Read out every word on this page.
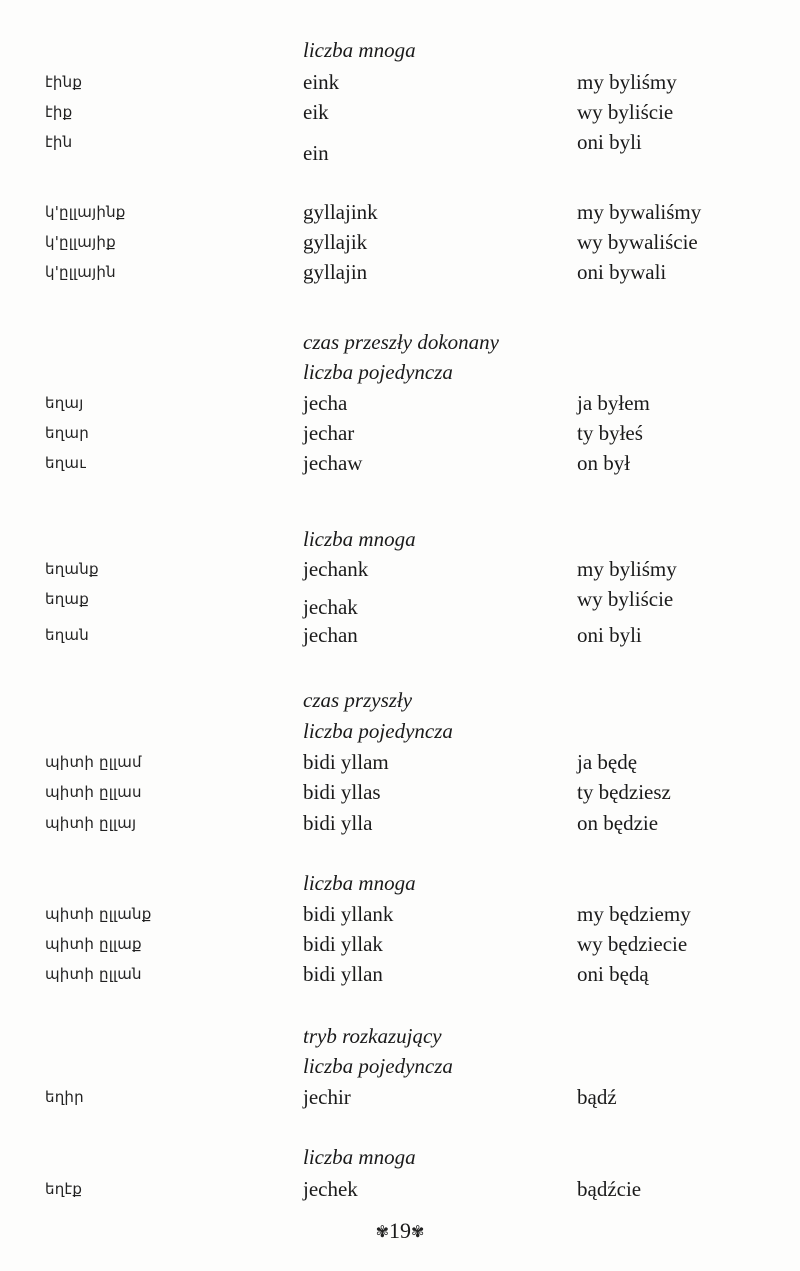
liczba mnoga
czas przeszły dokonany
liczba pojedyncza
liczba mnoga
czas przyszły
liczba pojedyncza
liczba mnoga
tryb rozkazujący
liczba pojedyncza
liczba mnoga
էինք	eink	my byliśmy
էիք	eik	wy byliście
էին	ein	oni byli
կ'ըլլայինք	gyllajink	my bywaliśmy
կ'ըլլայիք	gyllajik	wy bywaliście
կ'ըլլային	gyllajin	oni bywali
եղայ	jecha	ja byłem
եղար	jechar	ty byłeś
եղաւ	jechaw	on był
եղանք	jechank	my byliśmy
եղաք	jechak	wy byliście
եղան	jechan	oni byli
պիտի ըլլամ	bidi yllam	ja będę
պիտի ըլլաս	bidi yllas	ty będziesz
պիտի ըլլայ	bidi ylla	on będzie
պիտի ըլլանք	bidi yllank	my będziemy
պիտի ըլլաք	bidi yllak	wy będziecie
պիտի ըլլան	bidi yllan	oni będą
եղիր	jechir	bądź
եղէք	jechek	bądźcie
✾19✾
